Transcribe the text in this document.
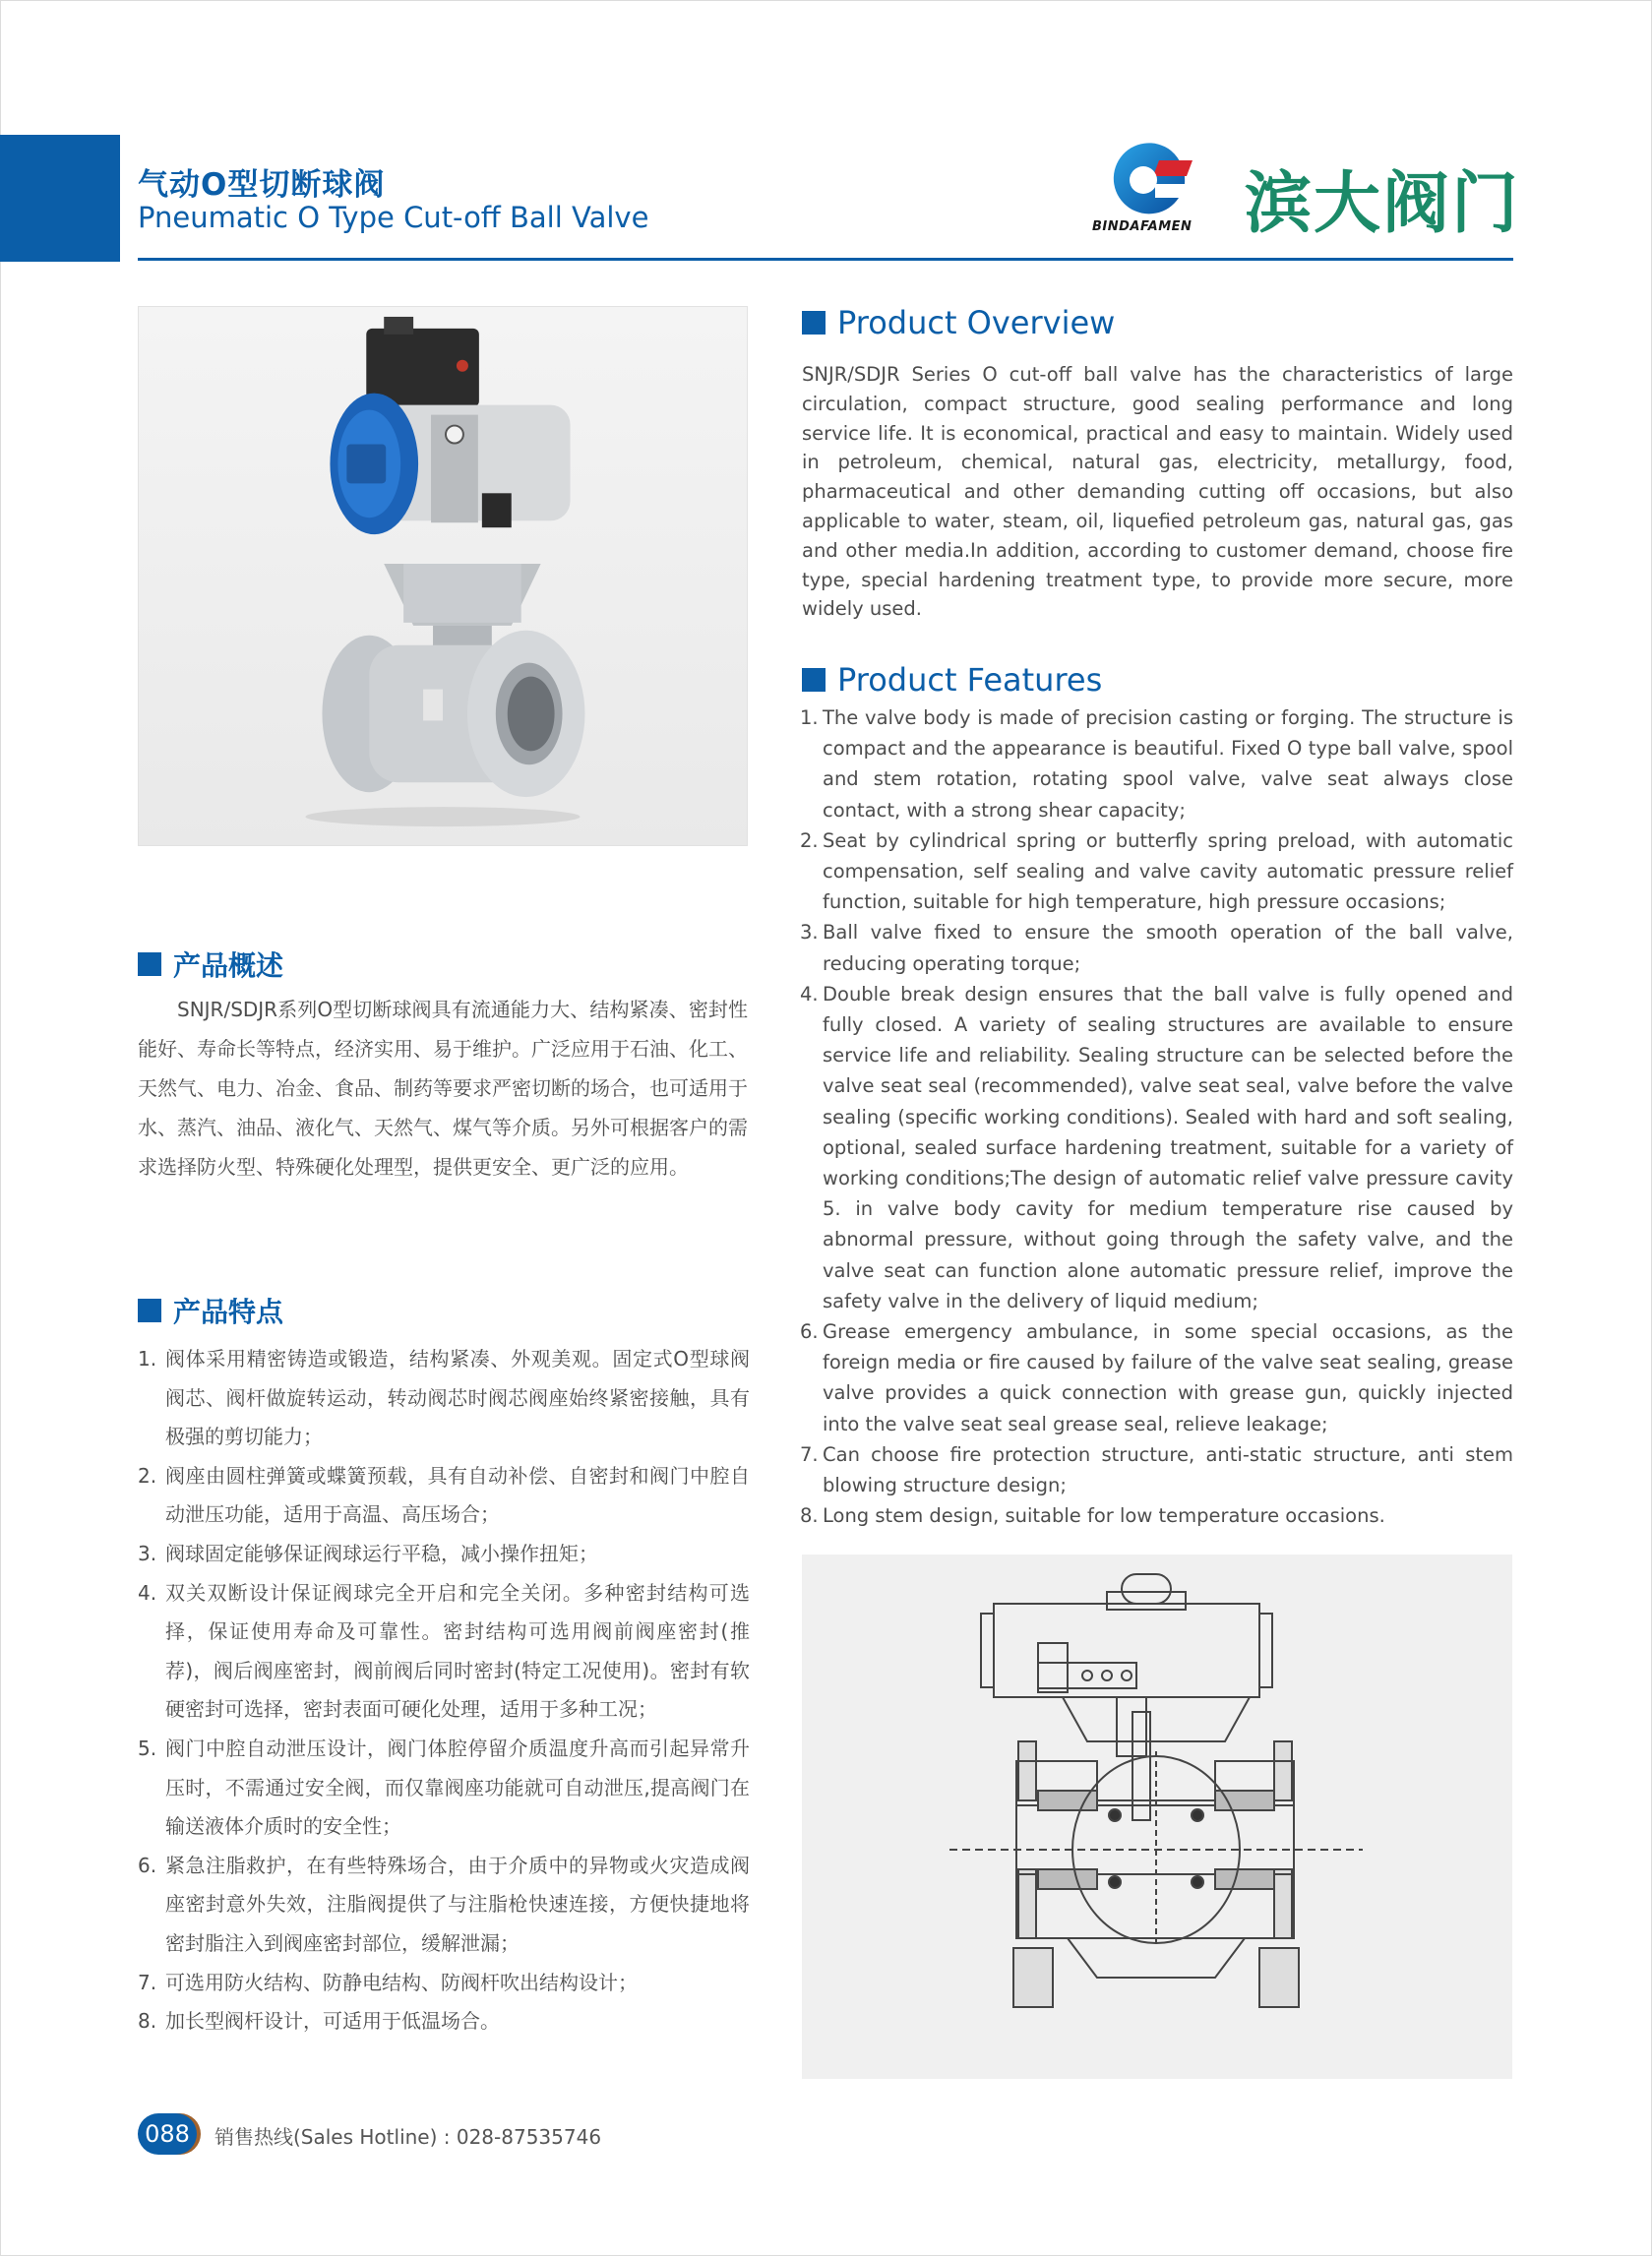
气动O型切断球阀
Pneumatic O Type Cut-off Ball Valve	BINDAFAMEN 滨大阀门
Product Overview
SNJR/SDJR Series O cut-off ball valve has the characteristics of large circulation, compact structure, good sealing performance and long service life. It is economical, practical and easy to maintain. Widely used in petroleum, chemical, natural gas, electricity, metallurgy, food, pharmaceutical and other demanding cutting off occasions, but also applicable to water, steam, oil, liquefied petroleum gas, natural gas, gas and other media.In addition, according to customer demand, choose fire type, special hardening treatment type, to provide more secure, more widely used.
Product Features
1. The valve body is made of precision casting or forging. The structure is compact and the appearance is beautiful. Fixed O type ball valve, spool and stem rotation, rotating spool valve, valve seat always close contact, with a strong shear capacity;
2. Seat by cylindrical spring or butterfly spring preload, with automatic compensation, self sealing and valve cavity automatic pressure relief function, suitable for high temperature, high pressure occasions;
3. Ball valve fixed to ensure the smooth operation of the ball valve, reducing operating torque;
4. Double break design ensures that the ball valve is fully opened and fully closed. A variety of sealing structures are available to ensure service life and reliability. Sealing structure can be selected before the valve seat seal (recommended), valve seat seal, valve before the valve sealing (specific working conditions). Sealed with hard and soft sealing, optional, sealed surface hardening treatment, suitable for a variety of working conditions;The design of automatic relief valve pressure cavity 5. in valve body cavity for medium temperature rise caused by abnormal pressure, without going through the safety valve, and the valve seat can function alone automatic pressure relief, improve the safety valve in the delivery of liquid medium;
6. Grease emergency ambulance, in some special occasions, as the foreign media or fire caused by failure of the valve seat sealing, grease valve provides a quick connection with grease gun, quickly injected into the valve seat seal grease seal, relieve leakage;
7. Can choose fire protection structure, anti-static structure, anti stem blowing structure design;
8. Long stem design, suitable for low temperature occasions.
产品概述
SNJR/SDJR系列O型切断球阀具有流通能力大、结构紧凑、密封性能好、寿命长等特点，经济实用、易于维护。广泛应用于石油、化工、天然气、电力、冶金、食品、制药等要求严密切断的场合，也可适用于水、蒸汽、油品、液化气、天然气、煤气等介质。另外可根据客户的需求选择防火型、特殊硬化处理型，提供更安全、更广泛的应用。
产品特点
1. 阀体采用精密铸造或锻造，结构紧凑、外观美观。固定式O型球阀阀芯、阀杆做旋转运动，转动阀芯时阀芯阀座始终紧密接触，具有极强的剪切能力；
2. 阀座由圆柱弹簧或蝶簧预载，具有自动补偿、自密封和阀门中腔自动泄压功能，适用于高温、高压场合；
3. 阀球固定能够保证阀球运行平稳，减小操作扭矩；
4. 双关双断设计保证阀球完全开启和完全关闭。多种密封结构可选择，保证使用寿命及可靠性。密封结构可选用阀前阀座密封(推荐)，阀后阀座密封，阀前阀后同时密封(特定工况使用)。密封有软硬密封可选择，密封表面可硬化处理，适用于多种工况；
5. 阀门中腔自动泄压设计，阀门体腔停留介质温度升高而引起异常升压时，不需通过安全阀，而仅靠阀座功能就可自动泄压,提高阀门在输送液体介质时的安全性；
6. 紧急注脂救护，在有些特殊场合，由于介质中的异物或火灾造成阀座密封意外失效，注脂阀提供了与注脂枪快速连接，方便快捷地将密封脂注入到阀座密封部位，缓解泄漏；
7. 可选用防火结构、防静电结构、防阀杆吹出结构设计；
8. 加长型阀杆设计，可适用于低温场合。
088	销售热线(Sales Hotline) : 028-87535746
